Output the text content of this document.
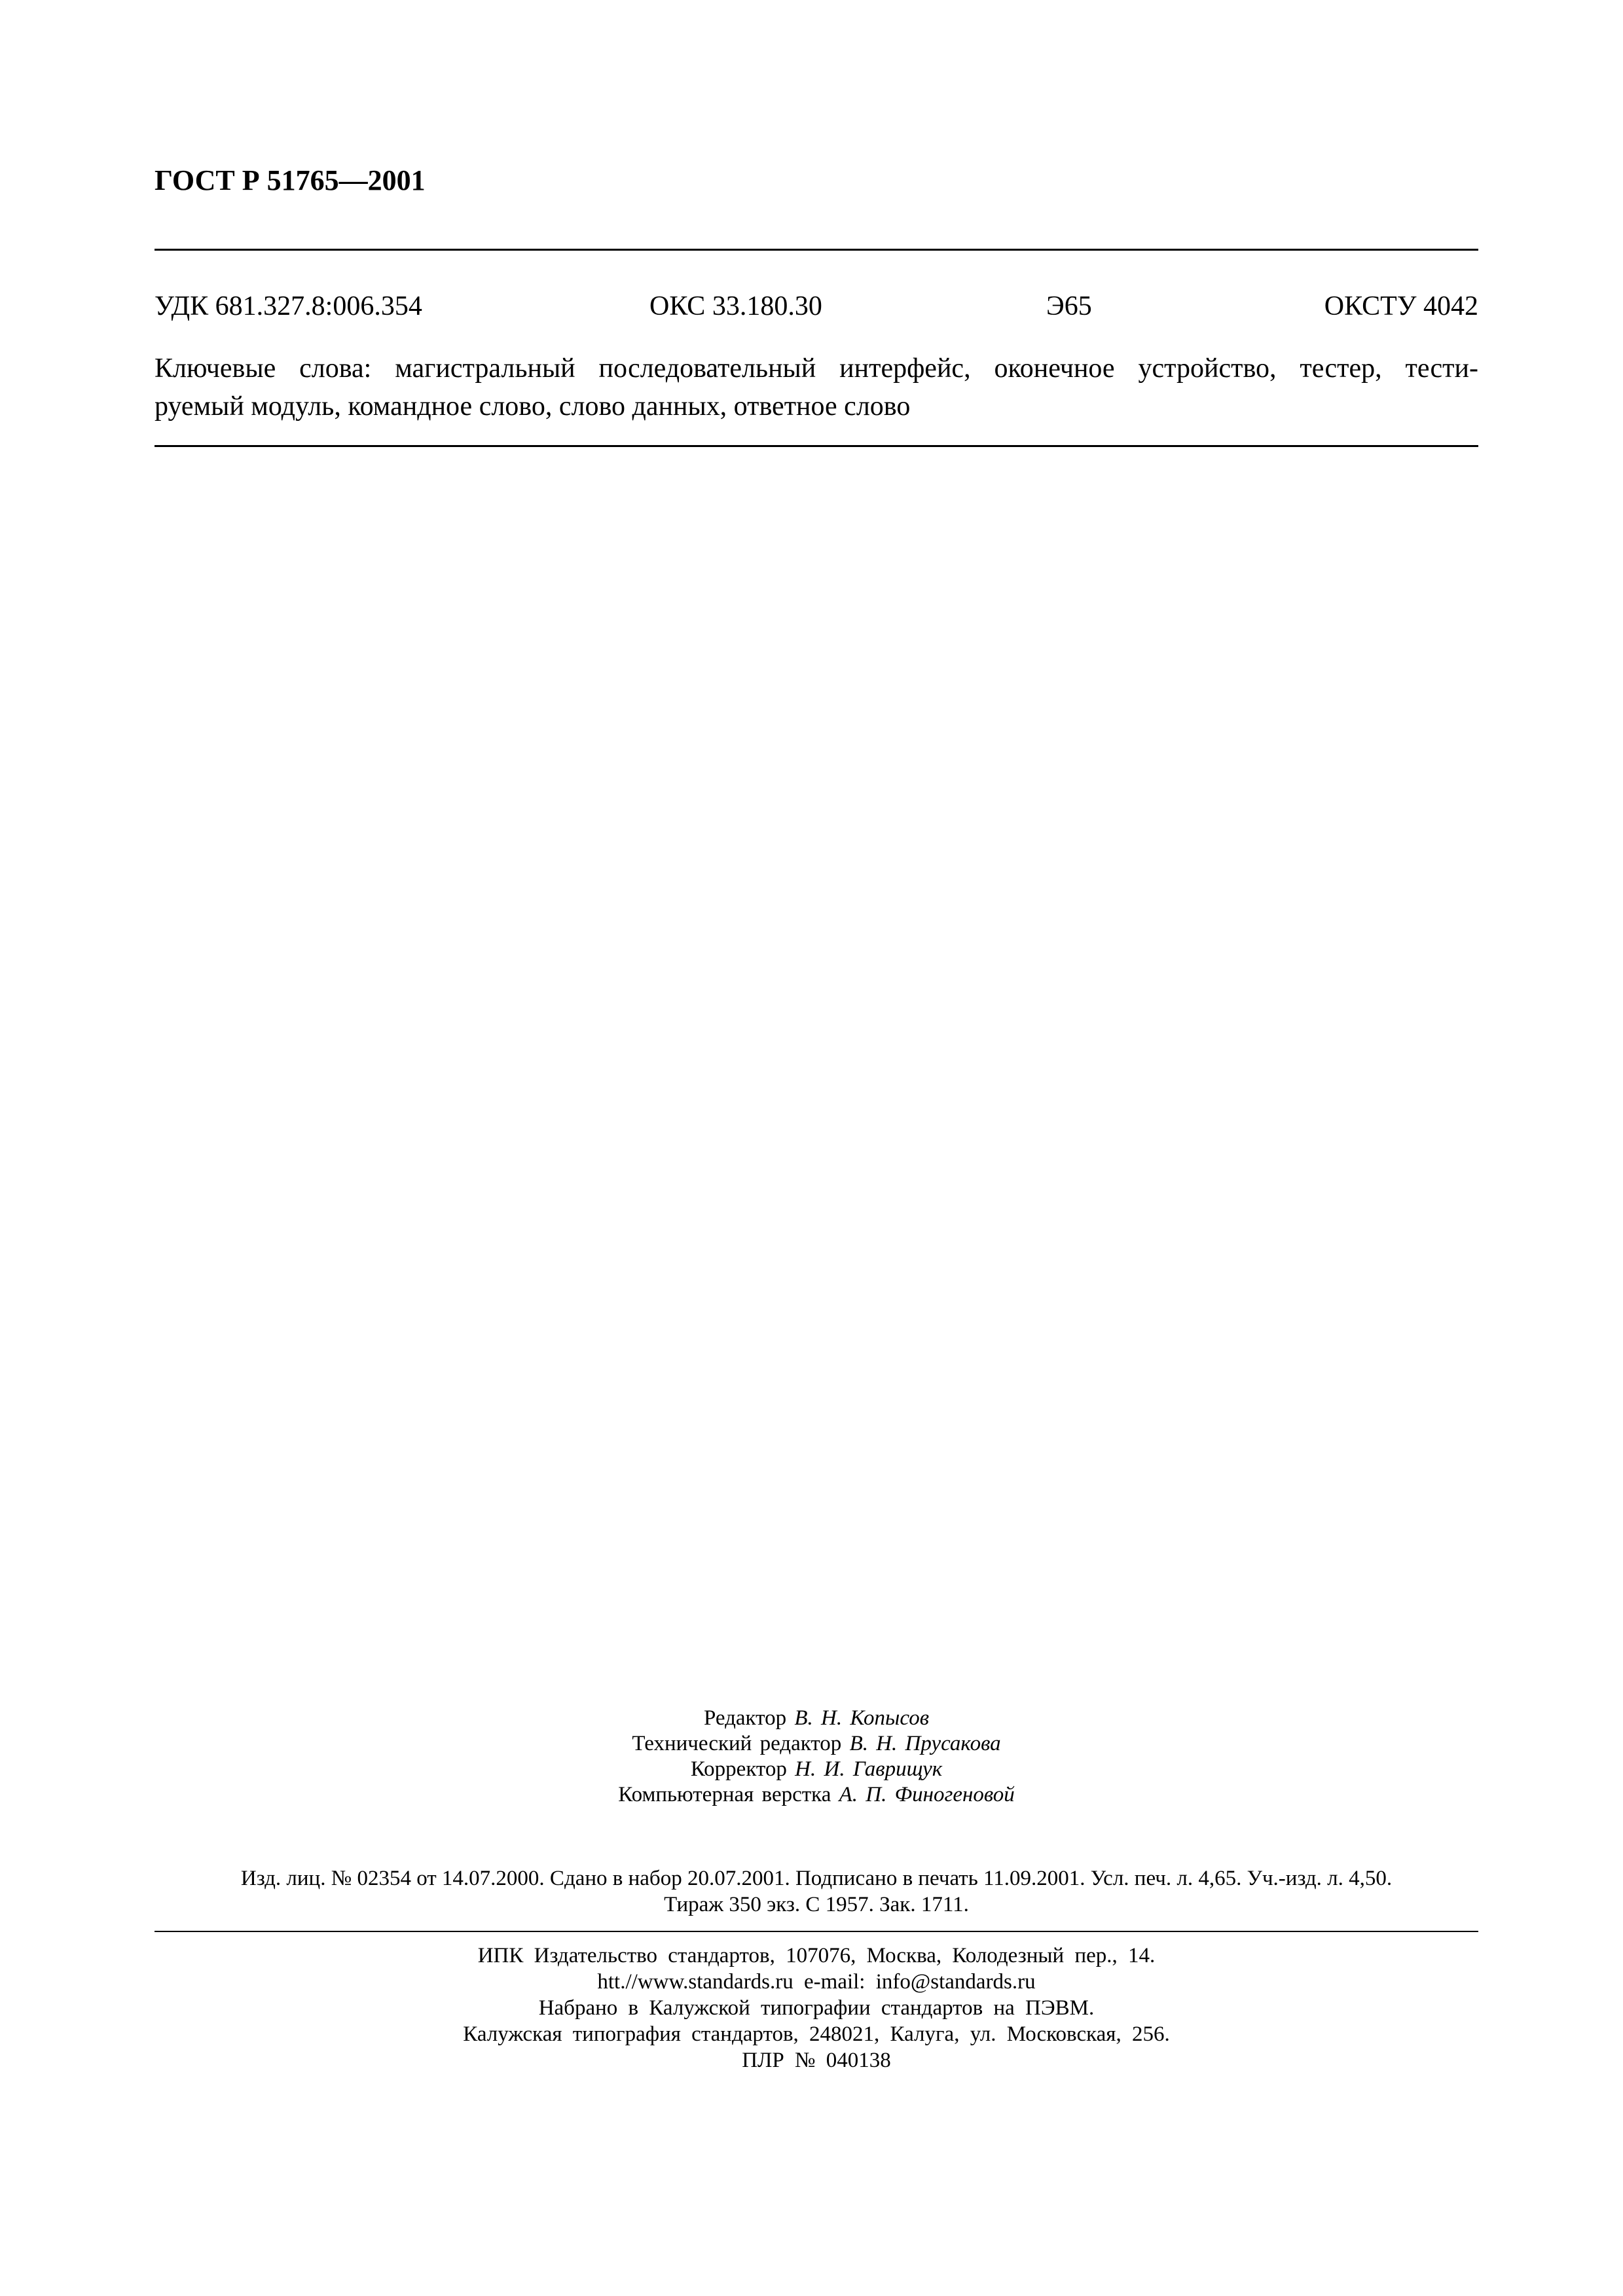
ГОСТ Р 51765—2001
УДК 681.327.8:006.354	ОКС 33.180.30	Э65	ОКСТУ 4042
Ключевые слова: магистральный последовательный интерфейс, оконечное устройство, тестер, тести-
руемый модуль, командное слово, слово данных, ответное слово
Редактор В. Н. Копысов
Технический редактор В. Н. Прусакова
Корректор Н. И. Гаврищук
Компьютерная верстка А. П. Финогеновой
Изд. лиц. № 02354 от 14.07.2000. Сдано в набор 20.07.2001. Подписано в печать 11.09.2001. Усл. печ. л. 4,65. Уч.-изд. л. 4,50.
Тираж 350 экз. С 1957. Зак. 1711.
ИПК Издательство стандартов, 107076, Москва, Колодезный пер., 14.
htt.//www.standards.ru e-mail: info@standards.ru
Набрано в Калужской типографии стандартов на ПЭВМ.
Калужская типография стандартов, 248021, Калуга, ул. Московская, 256.
ПЛР № 040138
